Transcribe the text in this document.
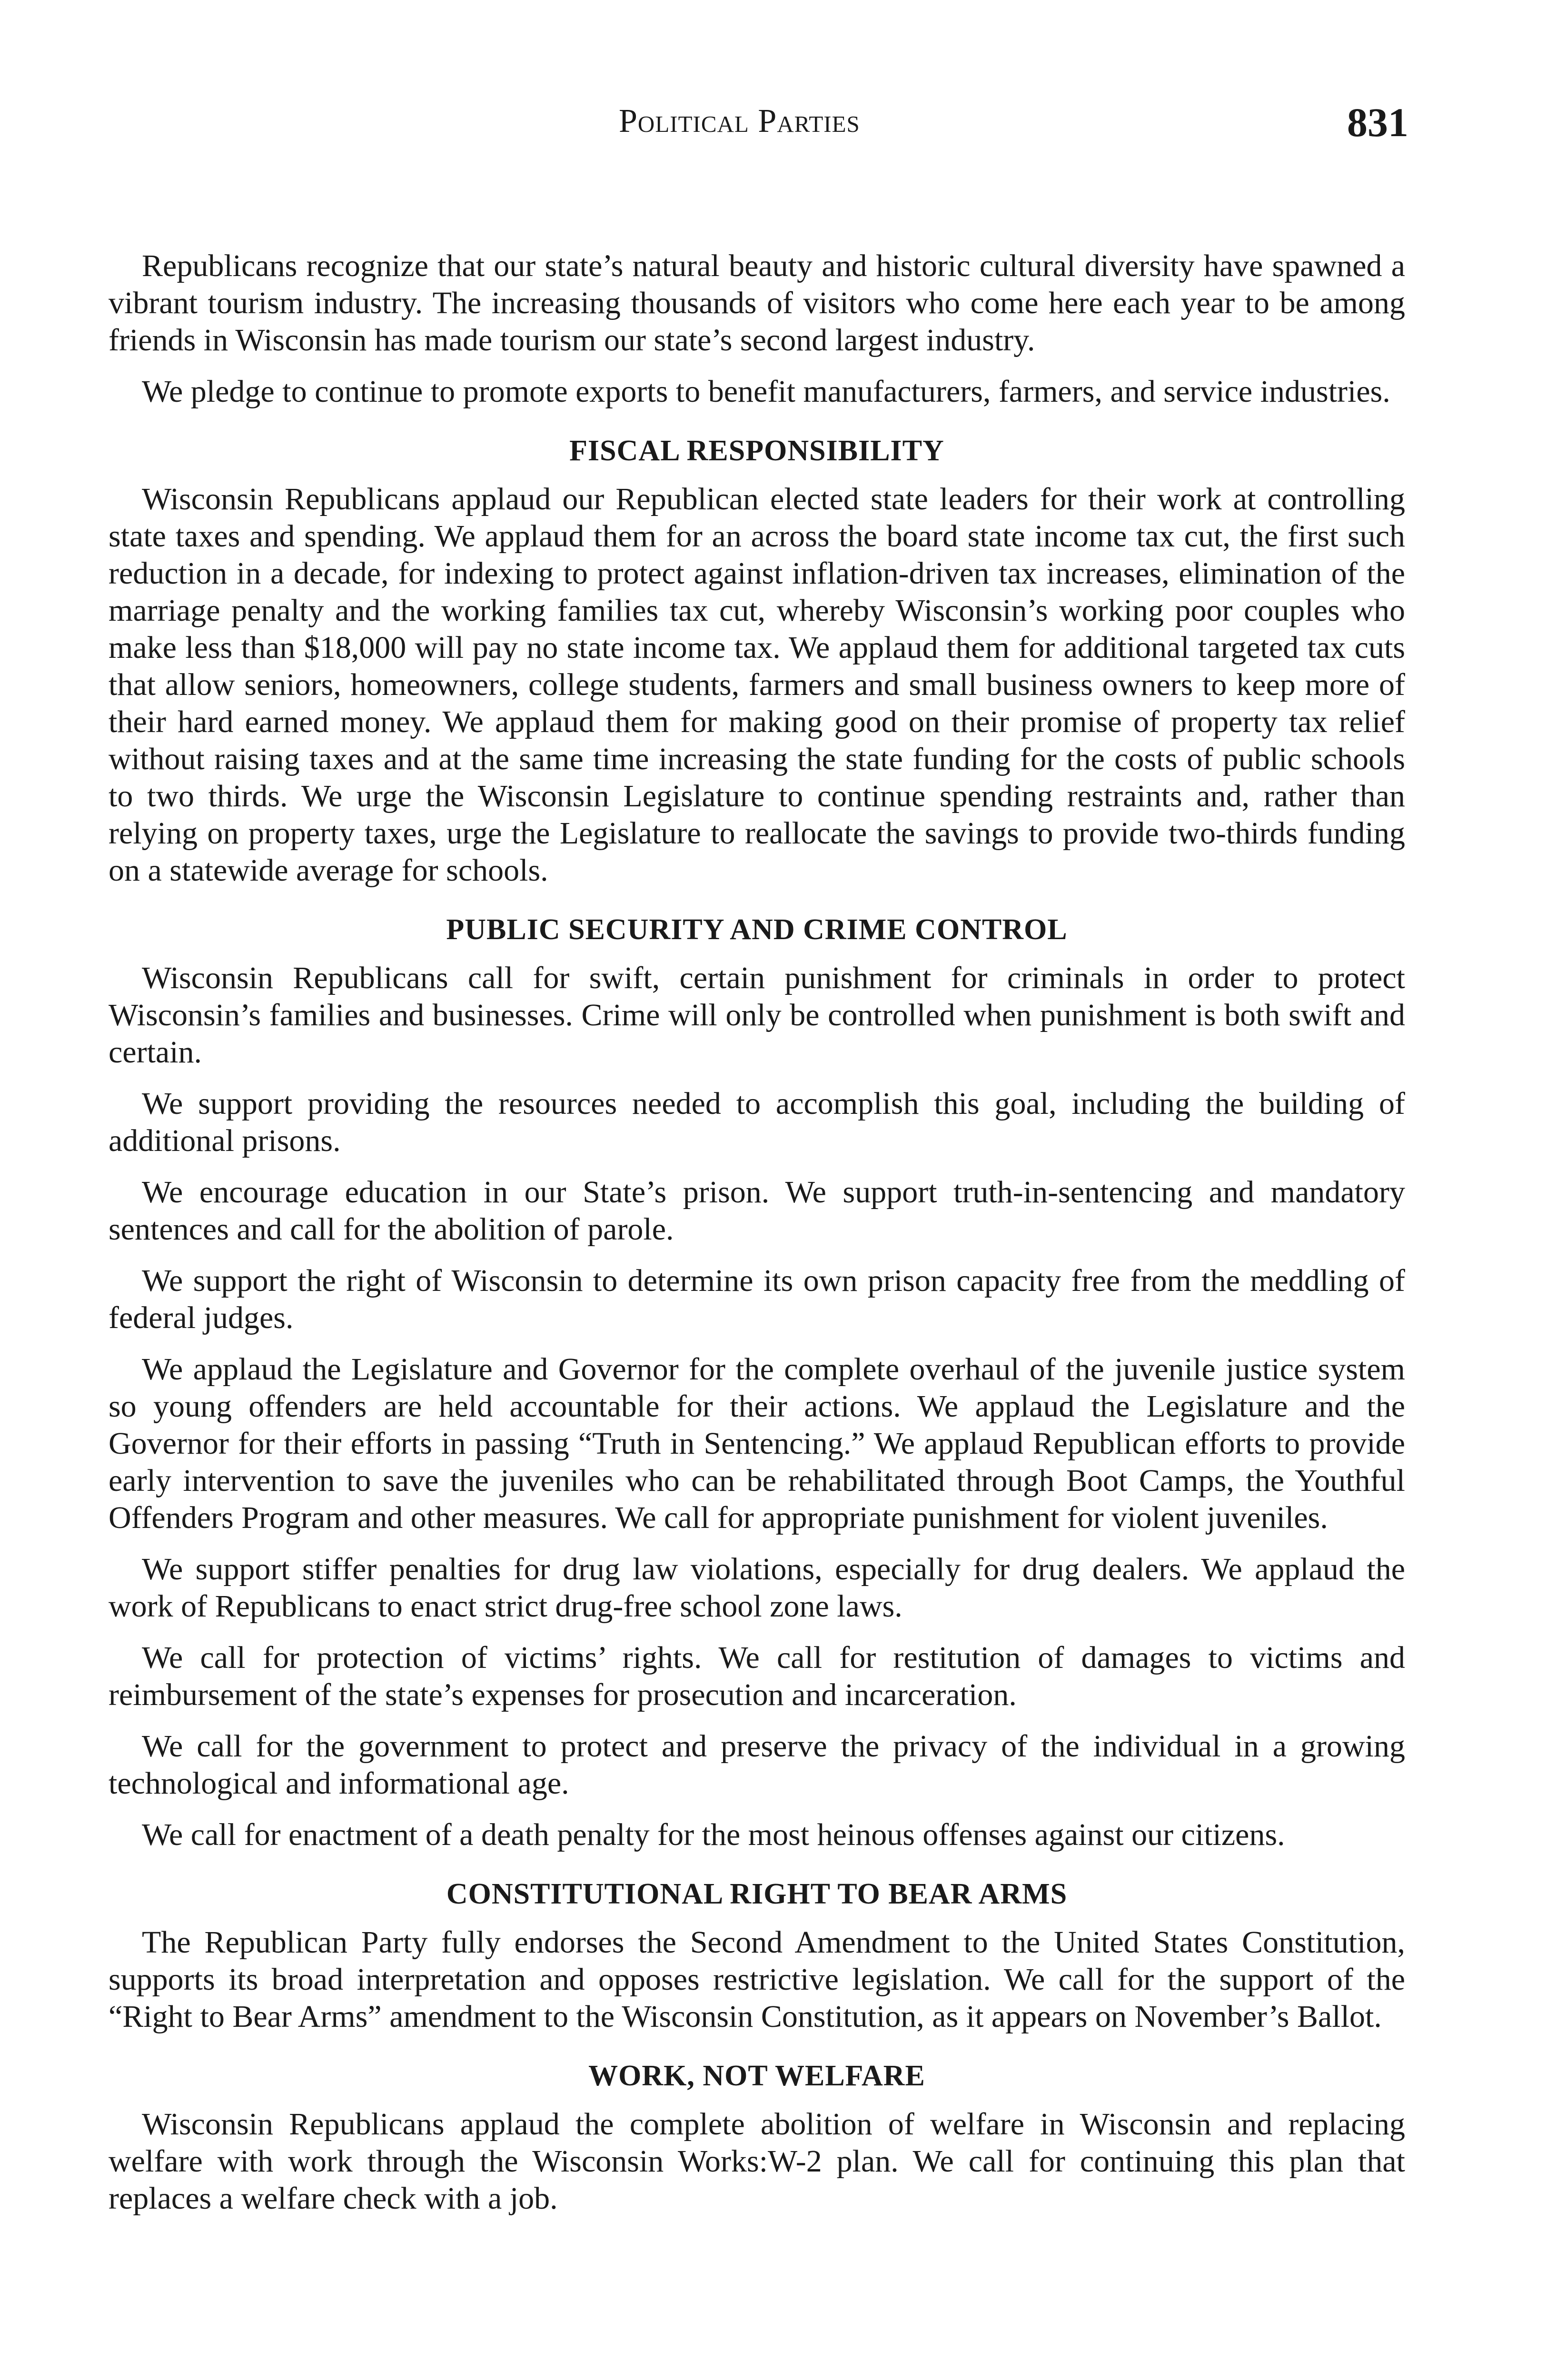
Political Parties	831

Republicans recognize that our state’s natural beauty and historic cultural diversity have spawned a vibrant tourism industry. The increasing thousands of visitors who come here each year to be among friends in Wisconsin has made tourism our state’s second largest industry.

We pledge to continue to promote exports to benefit manufacturers, farmers, and service industries.

FISCAL RESPONSIBILITY

Wisconsin Republicans applaud our Republican elected state leaders for their work at controlling state taxes and spending. We applaud them for an across the board state income tax cut, the first such reduction in a decade, for indexing to protect against inflation-driven tax increases, elimination of the marriage penalty and the working families tax cut, whereby Wisconsin’s working poor couples who make less than $18,000 will pay no state income tax. We applaud them for additional targeted tax cuts that allow seniors, homeowners, college students, farmers and small business owners to keep more of their hard earned money. We applaud them for making good on their promise of property tax relief without raising taxes and at the same time increasing the state funding for the costs of public schools to two thirds. We urge the Wisconsin Legislature to continue spending restraints and, rather than relying on property taxes, urge the Legislature to reallocate the savings to provide two-thirds funding on a statewide average for schools.

PUBLIC SECURITY AND CRIME CONTROL

Wisconsin Republicans call for swift, certain punishment for criminals in order to protect Wisconsin’s families and businesses. Crime will only be controlled when punishment is both swift and certain.

We support providing the resources needed to accomplish this goal, including the building of additional prisons.

We encourage education in our State’s prison. We support truth-in-sentencing and mandatory sentences and call for the abolition of parole.

We support the right of Wisconsin to determine its own prison capacity free from the meddling of federal judges.

We applaud the Legislature and Governor for the complete overhaul of the juvenile justice system so young offenders are held accountable for their actions. We applaud the Legislature and the Governor for their efforts in passing “Truth in Sentencing.” We applaud Republican efforts to provide early intervention to save the juveniles who can be rehabilitated through Boot Camps, the Youthful Offenders Program and other measures. We call for appropriate punishment for violent juveniles.

We support stiffer penalties for drug law violations, especially for drug dealers. We applaud the work of Republicans to enact strict drug-free school zone laws.

We call for protection of victims’ rights. We call for restitution of damages to victims and reimbursement of the state’s expenses for prosecution and incarceration.

We call for the government to protect and preserve the privacy of the individual in a growing technological and informational age.

We call for enactment of a death penalty for the most heinous offenses against our citizens.

CONSTITUTIONAL RIGHT TO BEAR ARMS

The Republican Party fully endorses the Second Amendment to the United States Constitution, supports its broad interpretation and opposes restrictive legislation. We call for the support of the “Right to Bear Arms” amendment to the Wisconsin Constitution, as it appears on November’s Ballot.

WORK, NOT WELFARE

Wisconsin Republicans applaud the complete abolition of welfare in Wisconsin and replacing welfare with work through the Wisconsin Works:W-2 plan. We call for continuing this plan that replaces a welfare check with a job.
